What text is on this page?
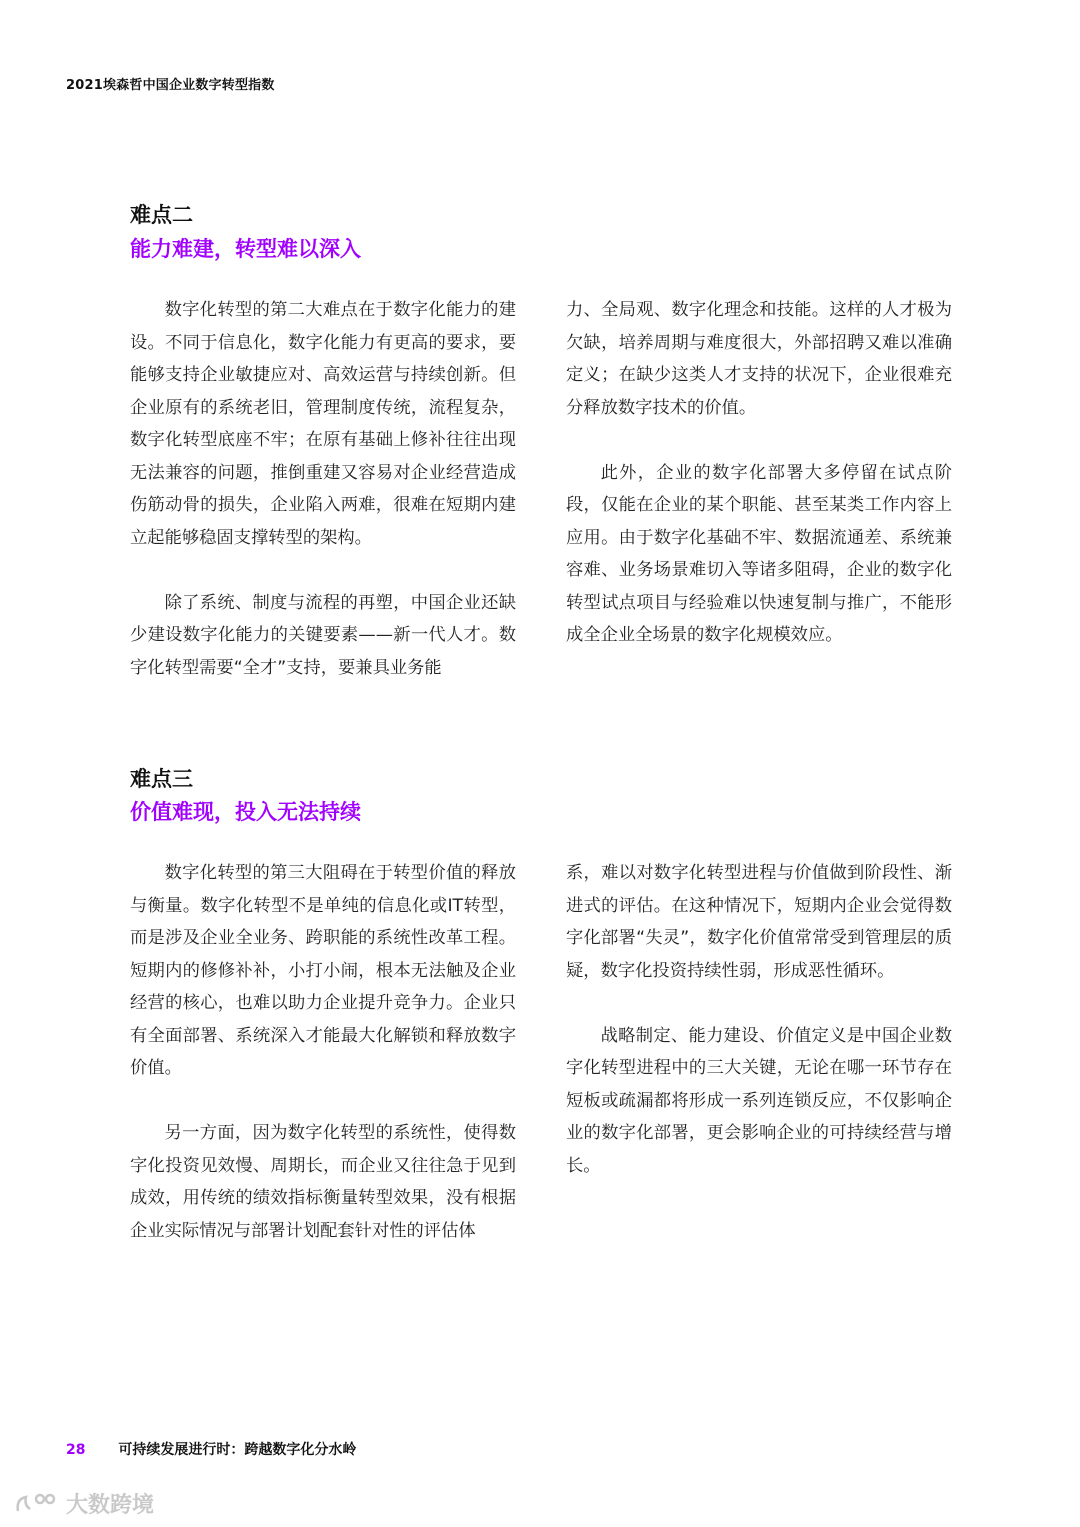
2021埃森哲中国企业数字转型指数
难点二
能力难建，转型难以深入

数字化转型的第二大难点在于数字化能力的建设。不同于信息化，数字化能力有更高的要求，要能够支持企业敏捷应对、高效运营与持续创新。但企业原有的系统老旧，管理制度传统，流程复杂，数字化转型底座不牢；在原有基础上修补往往出现无法兼容的问题，推倒重建又容易对企业经营造成伤筋动骨的损失，企业陷入两难，很难在短期内建立起能够稳固支撑转型的架构。

除了系统、制度与流程的再塑，中国企业还缺少建设数字化能力的关键要素——新一代人才。数字化转型需要“全才”支持，要兼具业务能

力、全局观、数字化理念和技能。这样的人才极为欠缺，培养周期与难度很大，外部招聘又难以准确定义；在缺少这类人才支持的状况下，企业很难充分释放数字技术的价值。

此外，企业的数字化部署大多停留在试点阶段，仅能在企业的某个职能、甚至某类工作内容上应用。由于数字化基础不牢、数据流通差、系统兼容难、业务场景难切入等诸多阻碍，企业的数字化转型试点项目与经验难以快速复制与推广，不能形成全企业全场景的数字化规模效应。

难点三
价值难现，投入无法持续

数字化转型的第三大阻碍在于转型价值的释放与衡量。数字化转型不是单纯的信息化或IT转型，而是涉及企业全业务、跨职能的系统性改革工程。短期内的修修补补，小打小闹，根本无法触及企业经营的核心，也难以助力企业提升竞争力。企业只有全面部署、系统深入才能最大化解锁和释放数字价值。

另一方面，因为数字化转型的系统性，使得数字化投资见效慢、周期长，而企业又往往急于见到成效，用传统的绩效指标衡量转型效果，没有根据企业实际情况与部署计划配套针对性的评估体

系，难以对数字化转型进程与价值做到阶段性、渐进式的评估。在这种情况下，短期内企业会觉得数字化部署“失灵”，数字化价值常常受到管理层的质疑，数字化投资持续性弱，形成恶性循环。

战略制定、能力建设、价值定义是中国企业数字化转型进程中的三大关键，无论在哪一环节存在短板或疏漏都将形成一系列连锁反应，不仅影响企业的数字化部署，更会影响企业的可持续经营与增长。

28 可持续发展进行时：跨越数字化分水岭
大数跨境
